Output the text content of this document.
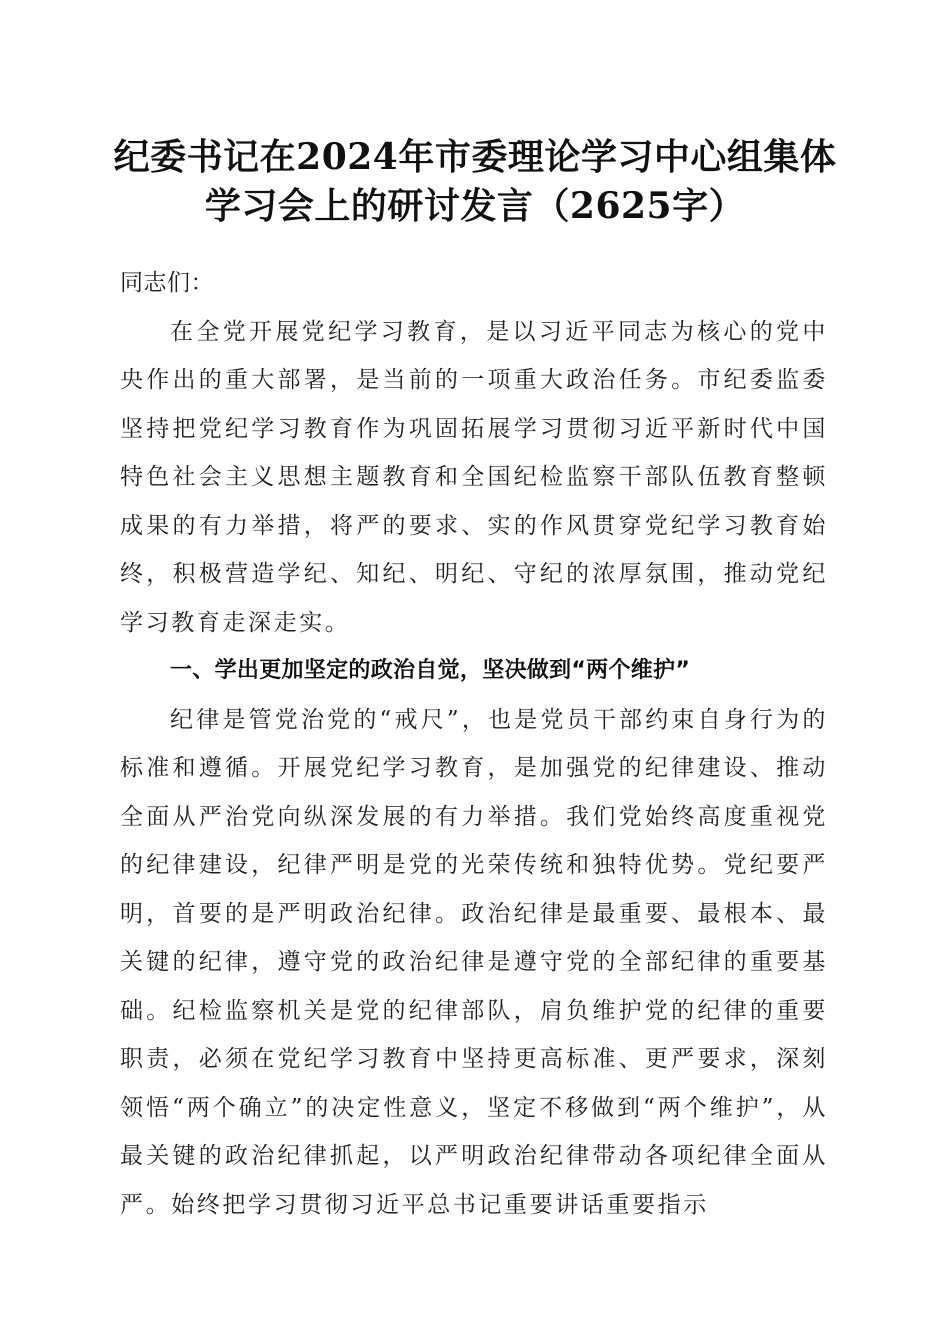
纪委书记在2024年市委理论学习中心组集体
学习会上的研讨发言（2625字）

同志们：

在全党开展党纪学习教育，是以习近平同志为核心的党中央作出的重大部署，是当前的一项重大政治任务。市纪委监委坚持把党纪学习教育作为巩固拓展学习贯彻习近平新时代中国特色社会主义思想主题教育和全国纪检监察干部队伍教育整顿成果的有力举措，将严的要求、实的作风贯穿党纪学习教育始终，积极营造学纪、知纪、明纪、守纪的浓厚氛围，推动党纪学习教育走深走实。

一、学出更加坚定的政治自觉，坚决做到“两个维护”

纪律是管党治党的“戒尺”，也是党员干部约束自身行为的标准和遵循。开展党纪学习教育，是加强党的纪律建设、推动全面从严治党向纵深发展的有力举措。我们党始终高度重视党的纪律建设，纪律严明是党的光荣传统和独特优势。党纪要严明，首要的是严明政治纪律。政治纪律是最重要、最根本、最关键的纪律，遵守党的政治纪律是遵守党的全部纪律的重要基础。纪检监察机关是党的纪律部队，肩负维护党的纪律的重要职责，必须在党纪学习教育中坚持更高标准、更严要求，深刻领悟“两个确立”的决定性意义，坚定不移做到“两个维护”，从最关键的政治纪律抓起，以严明政治纪律带动各项纪律全面从严。始终把学习贯彻习近平总书记重要讲话重要指示
